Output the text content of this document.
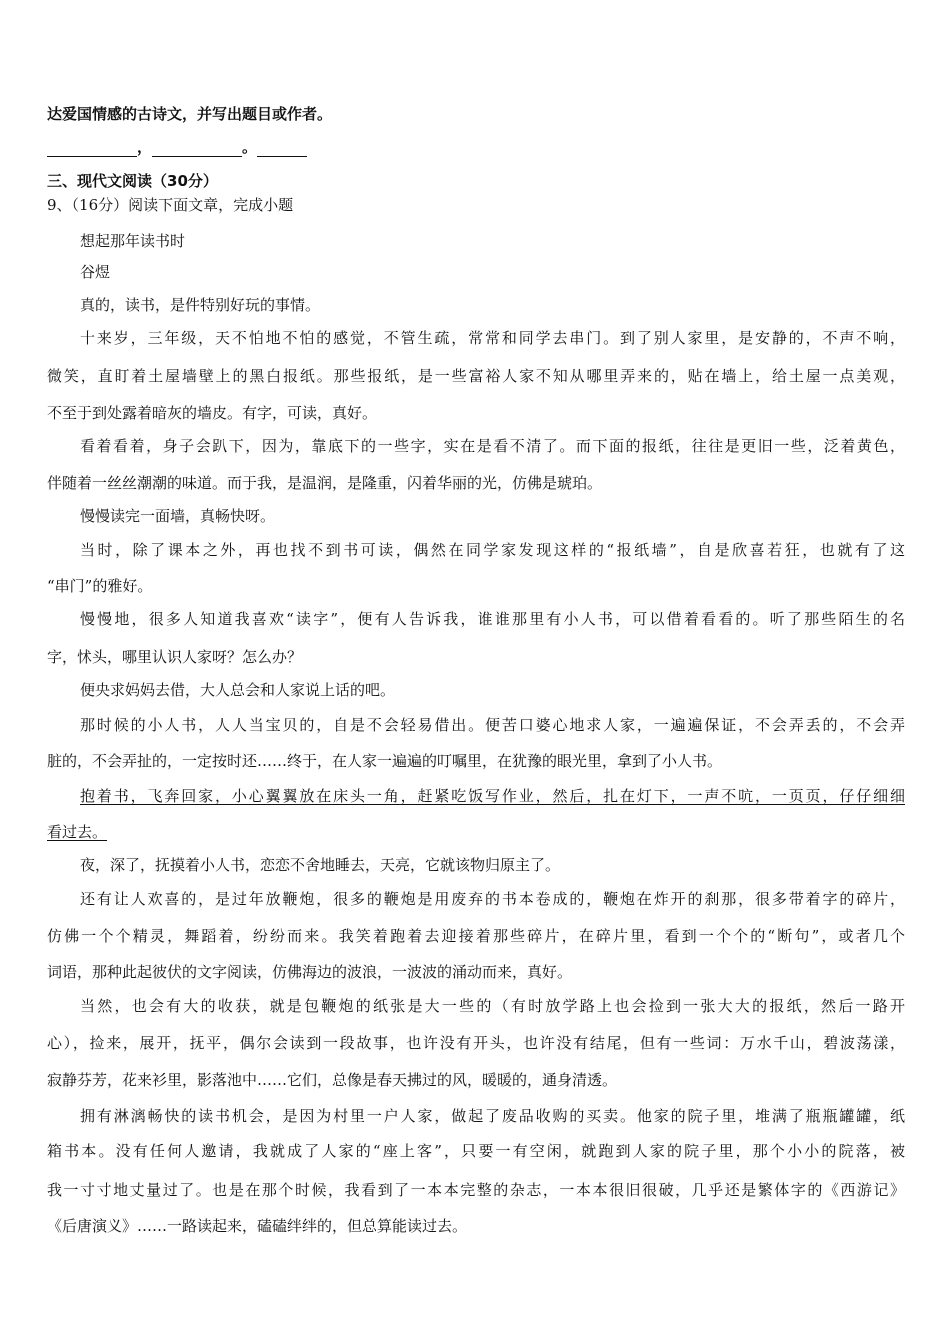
达爱国情感的古诗文，并写出题目或作者。
，	。
三、现代文阅读（30分）
9、（16分）阅读下面文章，完成小题
想起那年读书时
谷煜
真的，读书，是件特别好玩的事情。
十来岁，三年级，天不怕地不怕的感觉，不管生疏，常常和同学去串门。到了别人家里，是安静的，不声不响，
微笑，直盯着土屋墙壁上的黑白报纸。那些报纸，是一些富裕人家不知从哪里弄来的，贴在墙上，给土屋一点美观，
不至于到处露着暗灰的墙皮。有字，可读，真好。
看着看着，身子会趴下，因为，靠底下的一些字，实在是看不清了。而下面的报纸，往往是更旧一些，泛着黄色，
伴随着一丝丝潮潮的味道。而于我，是温润，是隆重，闪着华丽的光，仿佛是琥珀。
慢慢读完一面墙，真畅快呀。
当时，除了课本之外，再也找不到书可读，偶然在同学家发现这样的“报纸墙”，自是欣喜若狂，也就有了这
“串门”的雅好。
慢慢地，很多人知道我喜欢“读字”，便有人告诉我，谁谁那里有小人书，可以借着看看的。听了那些陌生的名
字，怵头，哪里认识人家呀？怎么办？
便央求妈妈去借，大人总会和人家说上话的吧。
那时候的小人书，人人当宝贝的，自是不会轻易借出。便苦口婆心地求人家，一遍遍保证，不会弄丢的，不会弄
脏的，不会弄扯的，一定按时还……终于，在人家一遍遍的叮嘱里，在犹豫的眼光里，拿到了小人书。
抱着书，飞奔回家，小心翼翼放在床头一角，赶紧吃饭写作业，然后，扎在灯下，一声不吭，一页页，仔仔细细
看过去。
夜，深了，抚摸着小人书，恋恋不舍地睡去，天亮，它就该物归原主了。
还有让人欢喜的，是过年放鞭炮，很多的鞭炮是用废弃的书本卷成的，鞭炮在炸开的刹那，很多带着字的碎片，
仿佛一个个精灵，舞蹈着，纷纷而来。我笑着跑着去迎接着那些碎片，在碎片里，看到一个个的“断句”，或者几个
词语，那种此起彼伏的文字阅读，仿佛海边的波浪，一波波的涌动而来，真好。
当然，也会有大的收获，就是包鞭炮的纸张是大一些的（有时放学路上也会捡到一张大大的报纸，然后一路开
心），捡来，展开，抚平，偶尔会读到一段故事，也许没有开头，也许没有结尾，但有一些词：万水千山，碧波荡漾，
寂静芬芳，花来衫里，影落池中……它们，总像是春天拂过的风，暖暖的，通身清透。
拥有淋漓畅快的读书机会，是因为村里一户人家，做起了废品收购的买卖。他家的院子里，堆满了瓶瓶罐罐，纸
箱书本。没有任何人邀请，我就成了人家的“座上客”，只要一有空闲，就跑到人家的院子里，那个小小的院落，被
我一寸寸地丈量过了。也是在那个时候，我看到了一本本完整的杂志，一本本很旧很破，几乎还是繁体字的《西游记》
《后唐演义》……一路读起来，磕磕绊绊的，但总算能读过去。
